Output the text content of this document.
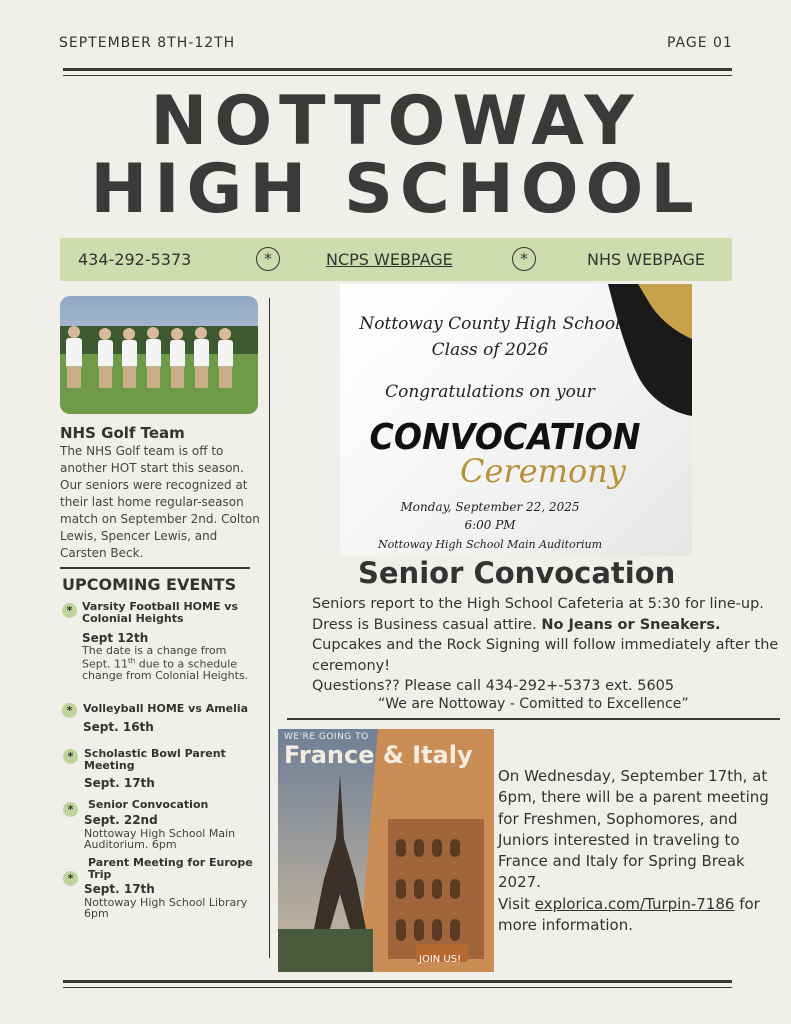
SEPTEMBER 8TH-12TH	PAGE 01
NOTTOWAY
HIGH SCHOOL
434-292-5373	*	NCPS WEBPAGE	*	NHS WEBPAGE
NHS Golf Team
The NHS Golf team is off to another HOT start this season. Our seniors were recognized at their last home regular-season match on September 2nd. Colton Lewis, Spencer Lewis, and Carsten Beck.
UPCOMING EVENTS
* Varsity Football HOME vs Colonial Heights
Sept 12th
The date is a change from Sept. 11th due to a schedule change from Colonial Heights.
* Volleyball HOME vs Amelia
Sept. 16th
* Scholastic Bowl Parent Meeting
Sept. 17th
*	Senior Convocation
Sept. 22nd
Nottoway High School Main Auditorium. 6pm
*
Parent Meeting for Europe Trip
Sept. 17th
Nottoway High School Library 6pm
Nottoway County High School
Class of 2026
Congratulations on your
CONVOCATION
Ceremony
Monday, September 22, 2025
6:00 PM
Nottoway High School Main Auditorium
Senior Convocation
Seniors report to the High School Cafeteria at 5:30 for line-up.
Dress is Business casual attire. No Jeans or Sneakers.
Cupcakes and the Rock Signing will follow immediately after the ceremony!
Questions?? Please call 434-292+-5373 ext. 5605
“We are Nottoway - Comitted to Excellence”
WE'RE GOING TO
France & Italy
JOIN US!
On Wednesday, September 17th, at 6pm, there will be a parent meeting for Freshmen, Sophomores, and Juniors interested in traveling to France and Italy for Spring Break 2027.
Visit explorica.com/Turpin-7186 for more information.
